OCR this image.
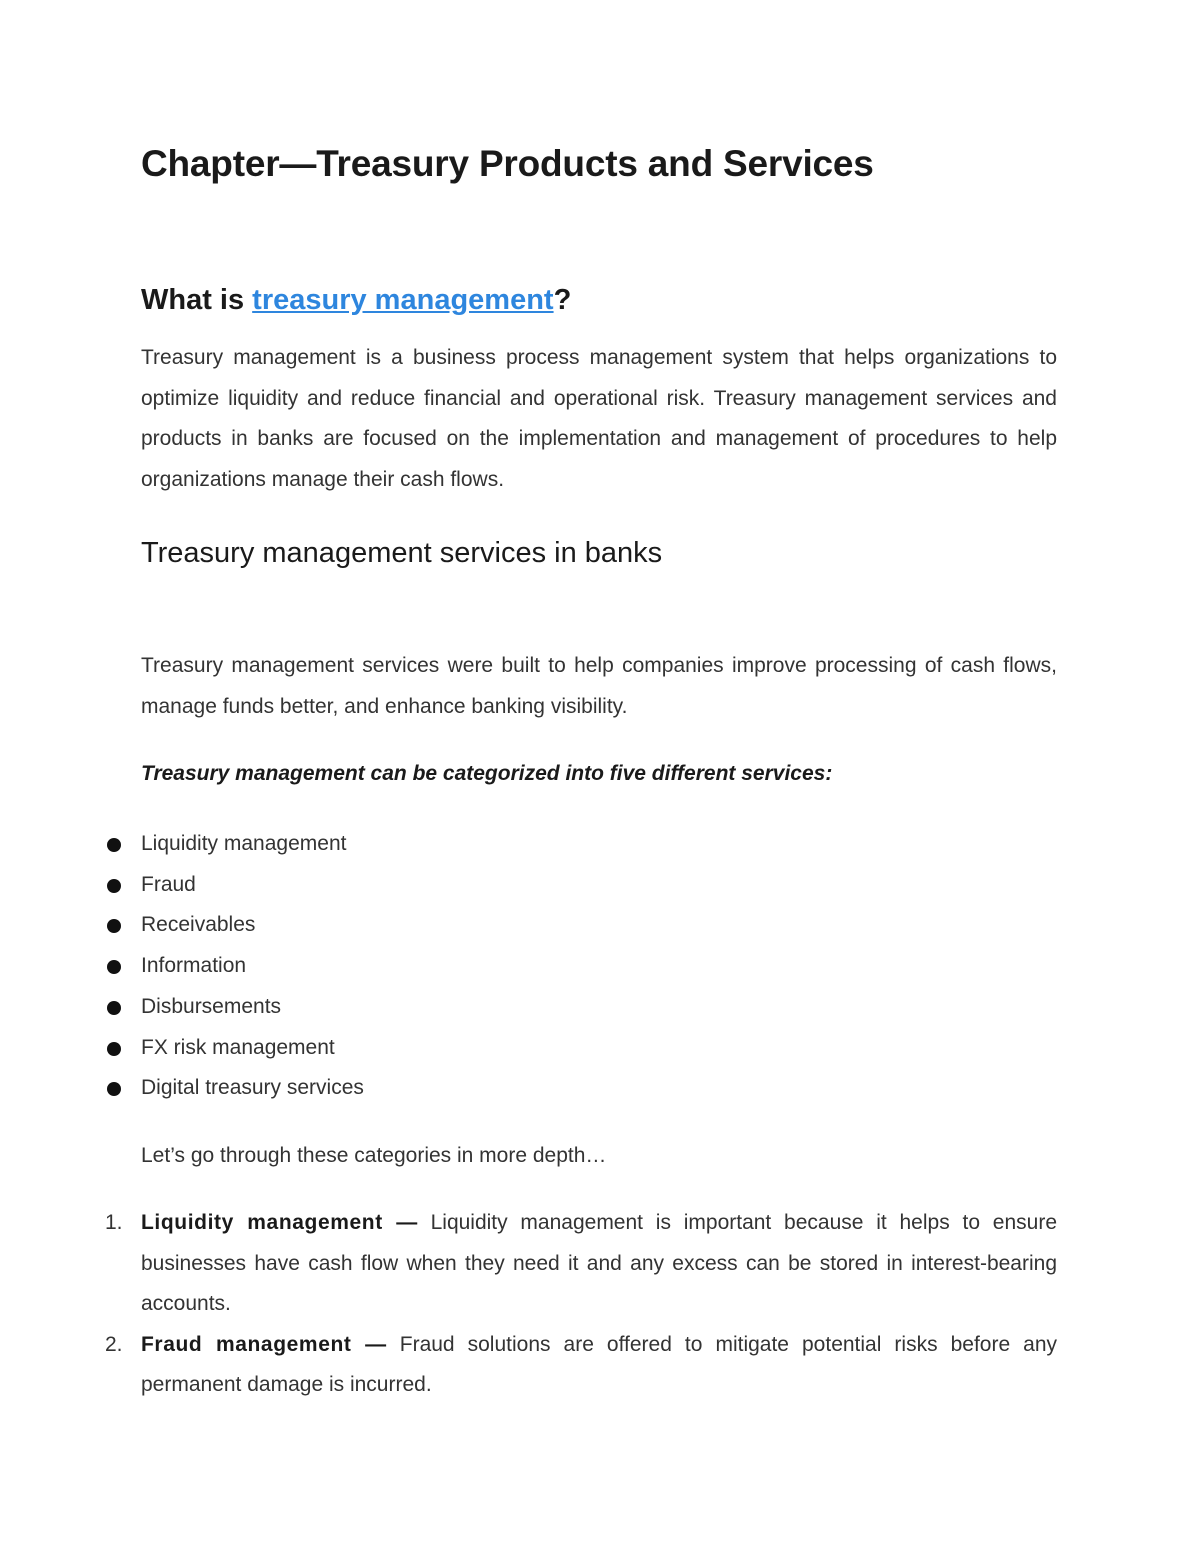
Chapter—Treasury Products and Services
What is treasury management?

Treasury management is a business process management system that helps organizations to optimize liquidity and reduce financial and operational risk. Treasury management services and products in banks are focused on the implementation and management of procedures to help organizations manage their cash flows.

Treasury management services in banks

Treasury management services were built to help companies improve processing of cash flows, manage funds better, and enhance banking visibility.

Treasury management can be categorized into five different services:

Liquidity management
Fraud
Receivables
Information
Disbursements
FX risk management
Digital treasury services

Let’s go through these categories in more depth…

1. Liquidity management — Liquidity management is important because it helps to ensure businesses have cash flow when they need it and any excess can be stored in interest-bearing accounts.
2. Fraud management — Fraud solutions are offered to mitigate potential risks before any permanent damage is incurred.
